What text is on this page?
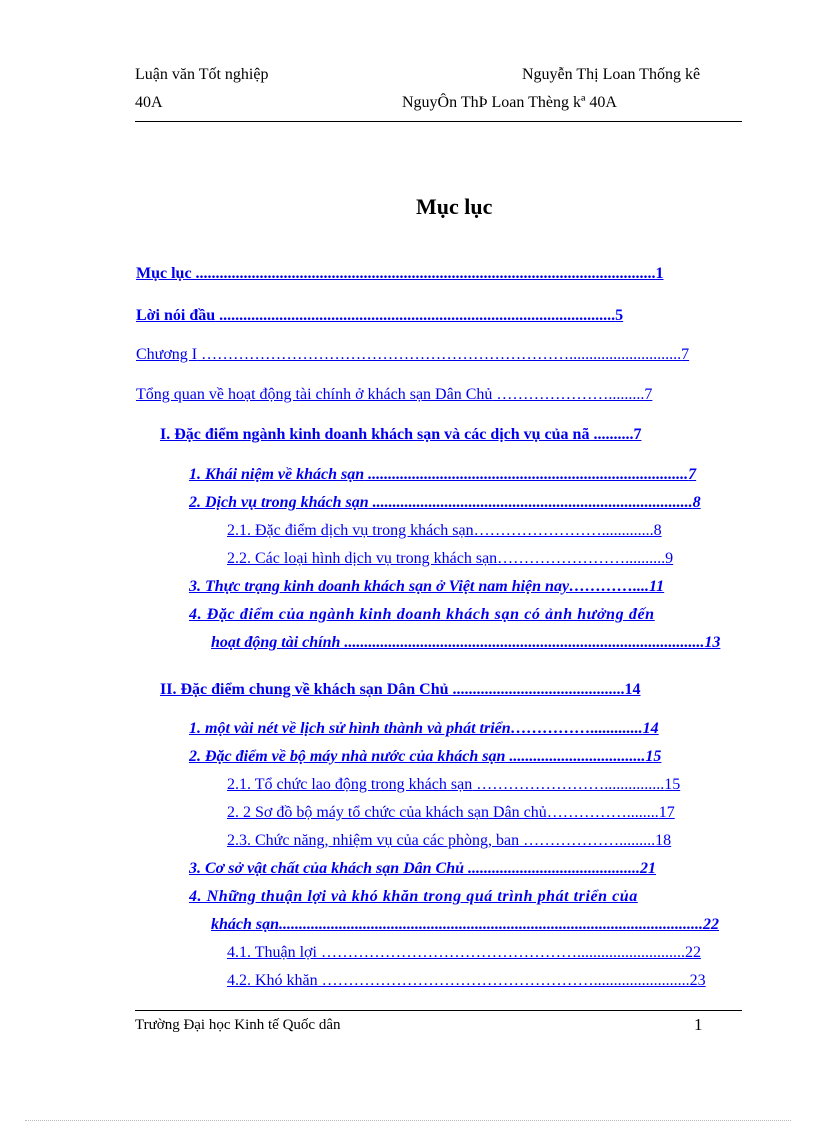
Luận văn Tốt nghiệp	Nguyễn Thị Loan Thống kê
40A	NguyÔn ThÞ Loan Thèng kª 40A
Mục lục
Mục lục ...................................................................................................................1
Lời nói đầu ...................................................................................................5
Chương I ……………………………………………………………............................7
Tổng quan về hoạt động tài chính ở khách sạn Dân Chủ ………………….........7
I. Đặc điểm ngành kinh doanh khách sạn và các dịch vụ của nã ..........7
1. Khái niệm về khách sạn ................................................................................7
2. Dịch vụ trong khách sạn ................................................................................8
2.1. Đặc điểm dịch vụ trong khách sạn…………………….............8
2.2. Các loại hình dịch vụ trong khách sạn……………………..........9
3. Thực trạng kinh doanh khách sạn ở Việt nam hiện nay…………....11
4. Đặc điểm của ngành kinh doanh khách sạn có ảnh hưởng đến
hoạt động tài chính ..........................................................................................13
II. Đặc điểm chung về khách sạn Dân Chủ ...........................................14
1. một vài nét về lịch sử hình thành và phát triển…………….............14
2. Đặc điểm về bộ máy nhà nước của khách sạn ..................................15
2.1. Tổ chức lao động trong khách sạn ……………………...............15
2. 2 Sơ đồ bộ máy tổ chức của khách sạn Dân chủ……………........17
2.3. Chức năng, nhiệm vụ của các phòng, ban ……………….........18
3. Cơ sở vật chất của khách sạn Dân Chủ ...........................................21
4. Những thuận lợi và khó khăn trong quá trình phát triển của
khách sạn..........................................................................................................22
4.1. Thuận lợi …………………………………………...........................22
4.2. Khó khăn ……………………………………………........................23
Trường Đại học Kinh tế Quốc dân	1
